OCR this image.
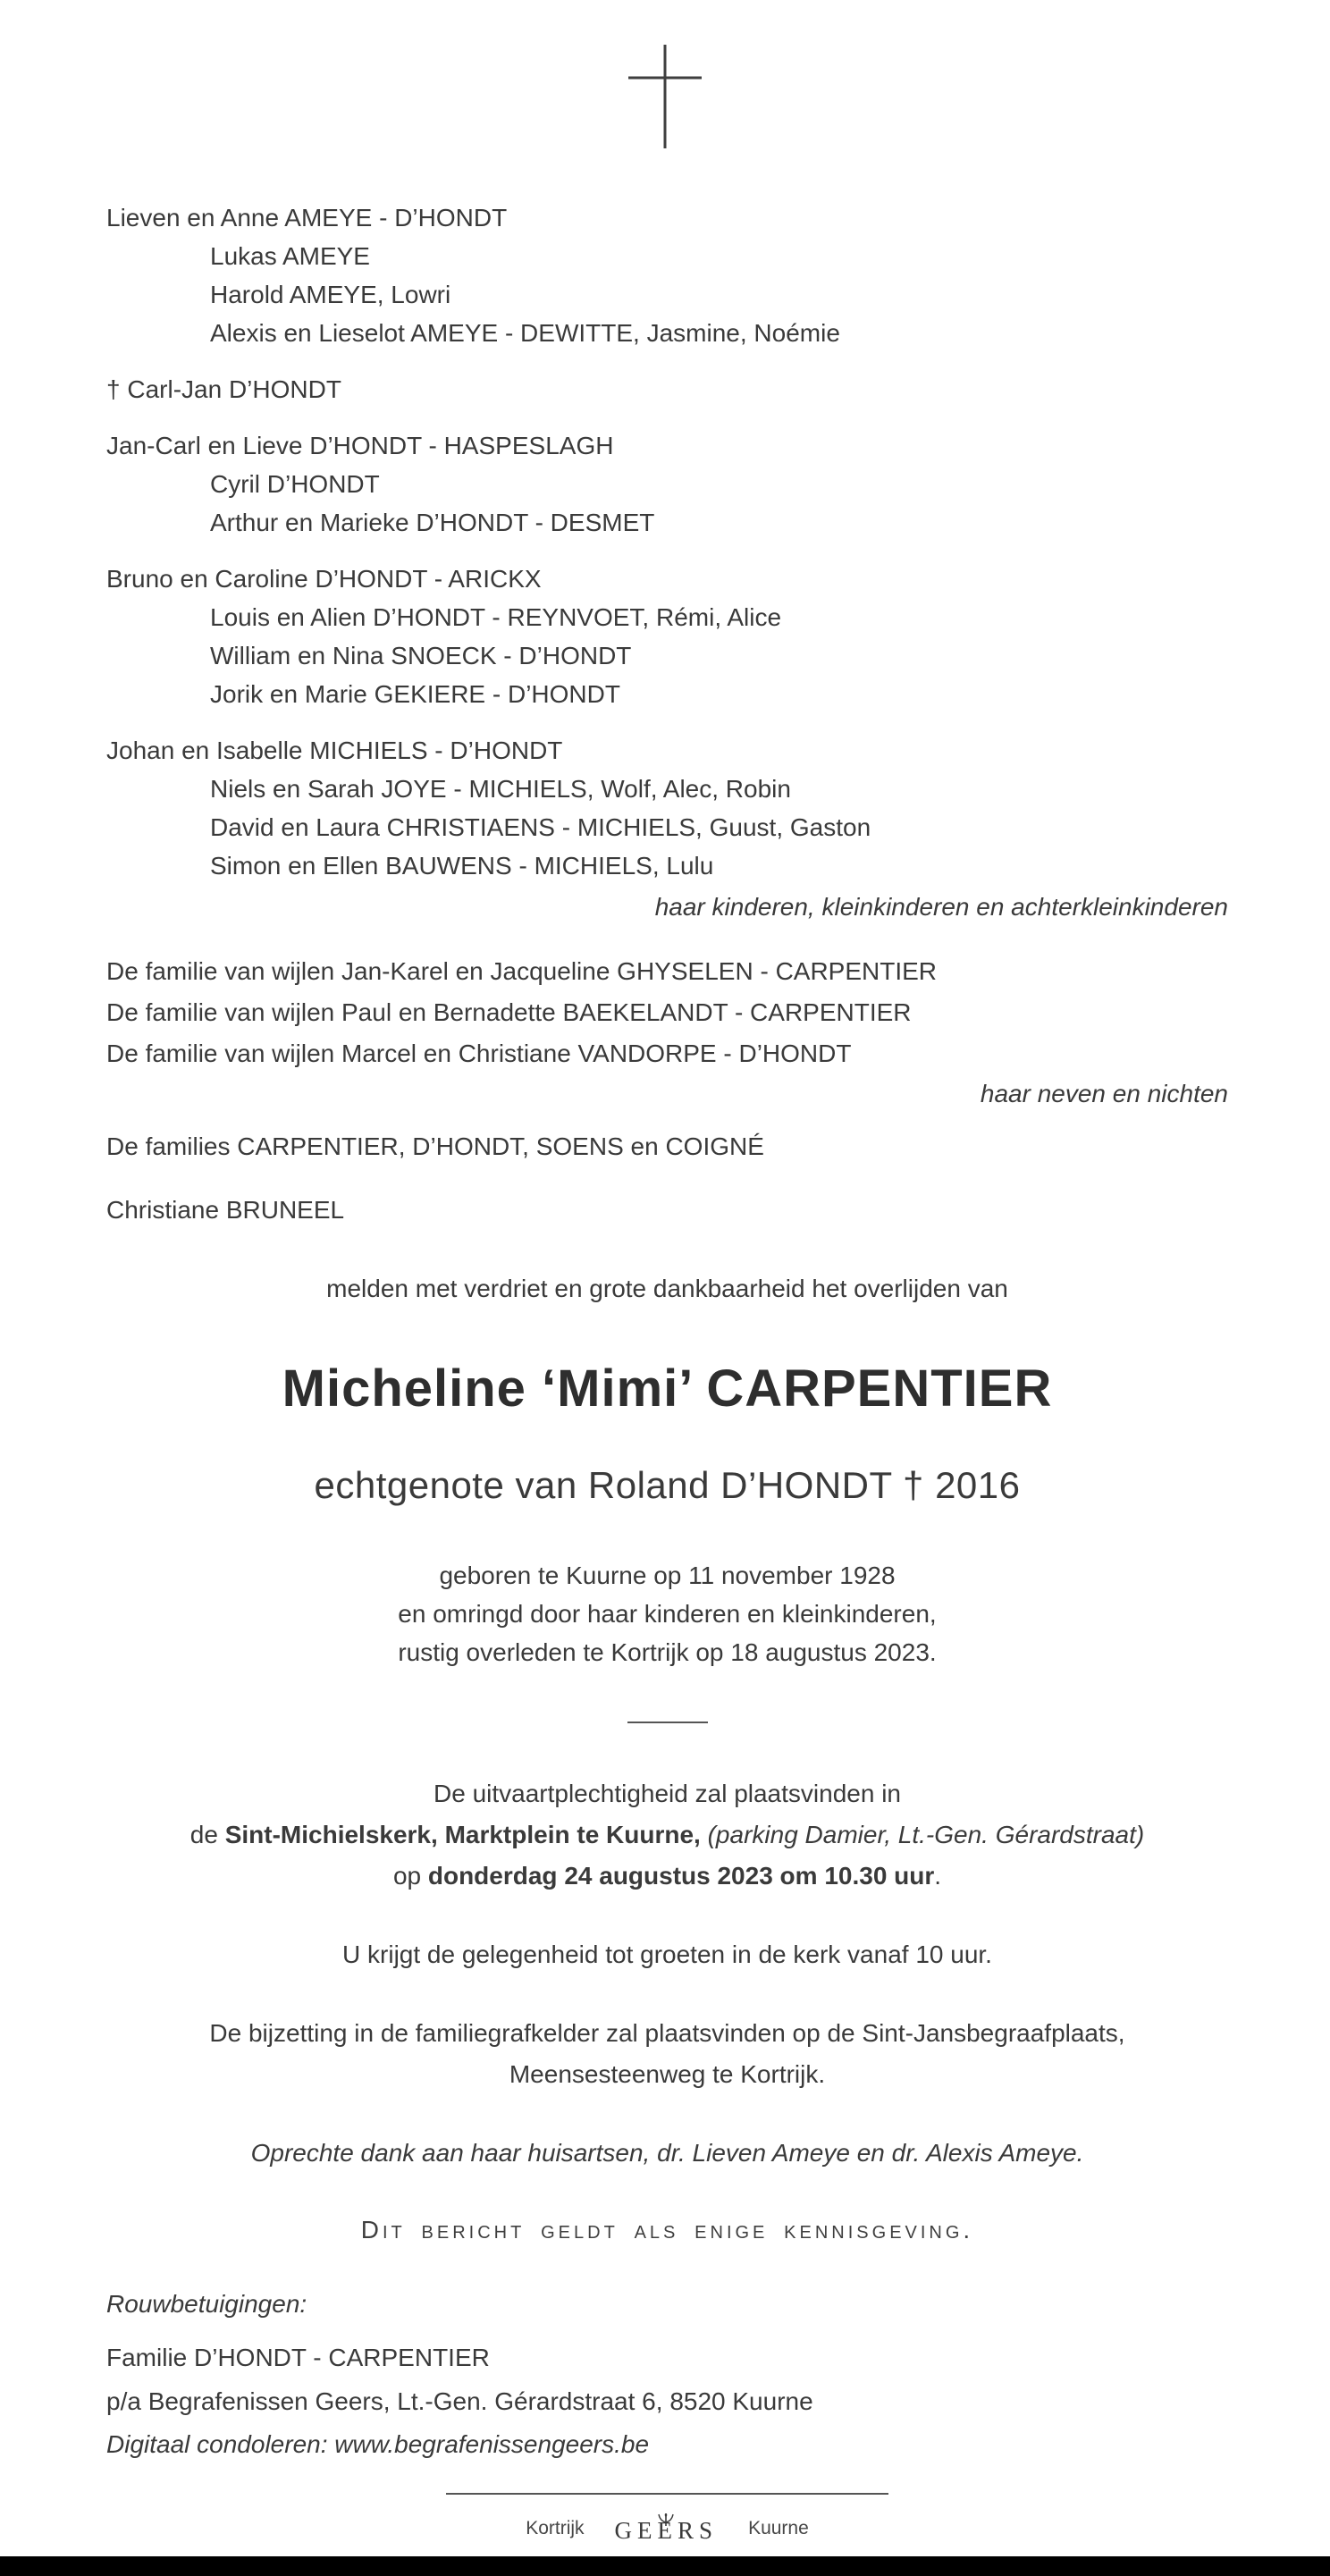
Lieven en Anne AMEYE - D’HONDT
Lukas AMEYE
Harold AMEYE, Lowri
Alexis en Lieselot AMEYE - DEWITTE, Jasmine, Noémie
† Carl-Jan D’HONDT
Jan-Carl en Lieve D’HONDT - HASPESLAGH
Cyril D’HONDT
Arthur en Marieke D’HONDT - DESMET
Bruno en Caroline D’HONDT - ARICKX
Louis en Alien D’HONDT - REYNVOET, Rémi, Alice
William en Nina SNOECK - D’HONDT
Jorik en Marie GEKIERE - D’HONDT
Johan en Isabelle MICHIELS - D’HONDT
Niels en Sarah JOYE - MICHIELS, Wolf, Alec, Robin
David en Laura CHRISTIAENS - MICHIELS, Guust, Gaston
Simon en Ellen BAUWENS - MICHIELS, Lulu
haar kinderen, kleinkinderen en achterkleinkinderen
De familie van wijlen Jan-Karel en Jacqueline GHYSELEN - CARPENTIER
De familie van wijlen Paul en Bernadette BAEKELANDT - CARPENTIER
De familie van wijlen Marcel en Christiane VANDORPE - D’HONDT
haar neven en nichten
De families CARPENTIER, D’HONDT, SOENS en COIGNÉ
Christiane BRUNEEL
melden met verdriet en grote dankbaarheid het overlijden van
Micheline ‘Mimi’ CARPENTIER
echtgenote van Roland D’HONDT † 2016
geboren te Kuurne op 11 november 1928
en omringd door haar kinderen en kleinkinderen,
rustig overleden te Kortrijk op 18 augustus 2023.
De uitvaartplechtigheid zal plaatsvinden in
de Sint-Michielskerk, Marktplein te Kuurne, (parking Damier, Lt.-Gen. Gérardstraat)
op donderdag 24 augustus 2023 om 10.30 uur.
U krijgt de gelegenheid tot groeten in de kerk vanaf 10 uur.
De bijzetting in de familiegrafkelder zal plaatsvinden op de Sint-Jansbegraafplaats,
Meensesteenweg te Kortrijk.
Oprechte dank aan haar huisartsen, dr. Lieven Ameye en dr. Alexis Ameye.
Dit bericht geldt als enige kennisgeving.
Rouwbetuigingen:
Familie D’HONDT - CARPENTIER
p/a Begrafenissen Geers, Lt.-Gen. Gérardstraat 6, 8520 Kuurne
Digitaal condoleren: www.begrafenissengeers.be
Kortrijk GEERS Kuurne
